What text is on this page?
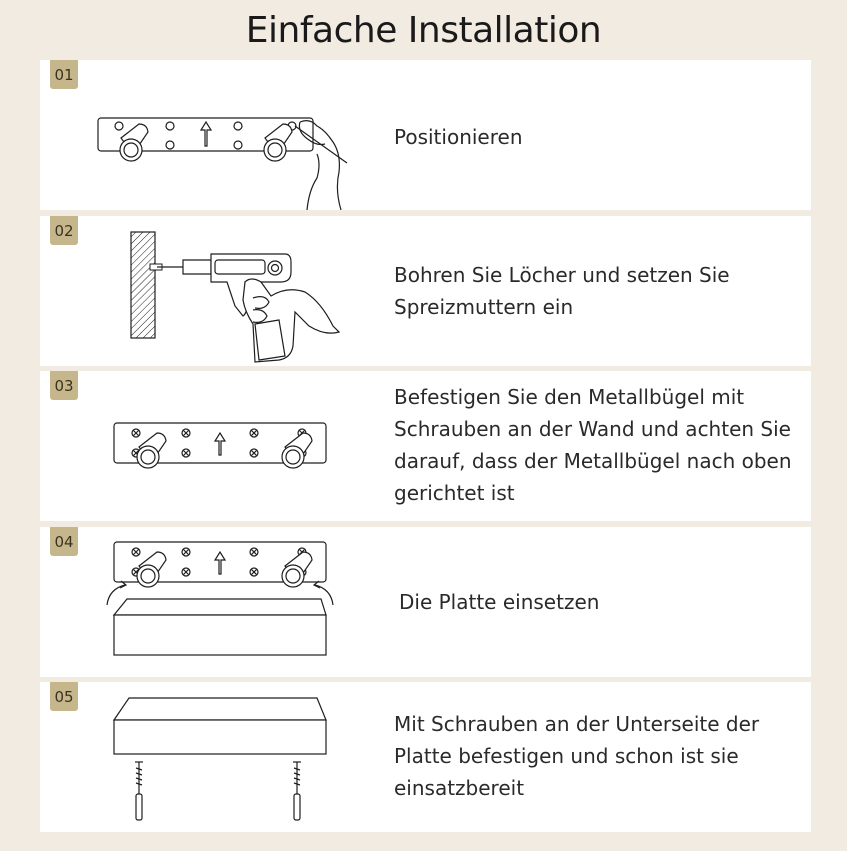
Einfache Installation
01
Positionieren
02
Bohren Sie Löcher und setzen Sie Spreizmuttern ein
03	Befestigen Sie den Metallbügel mit Schrauben an der Wand und achten Sie darauf, dass der Metallbügel nach oben gerichtet ist
04
Die Platte einsetzen
05
Mit Schrauben an der Unterseite der Platte befestigen und schon ist sie einsatzbereit
